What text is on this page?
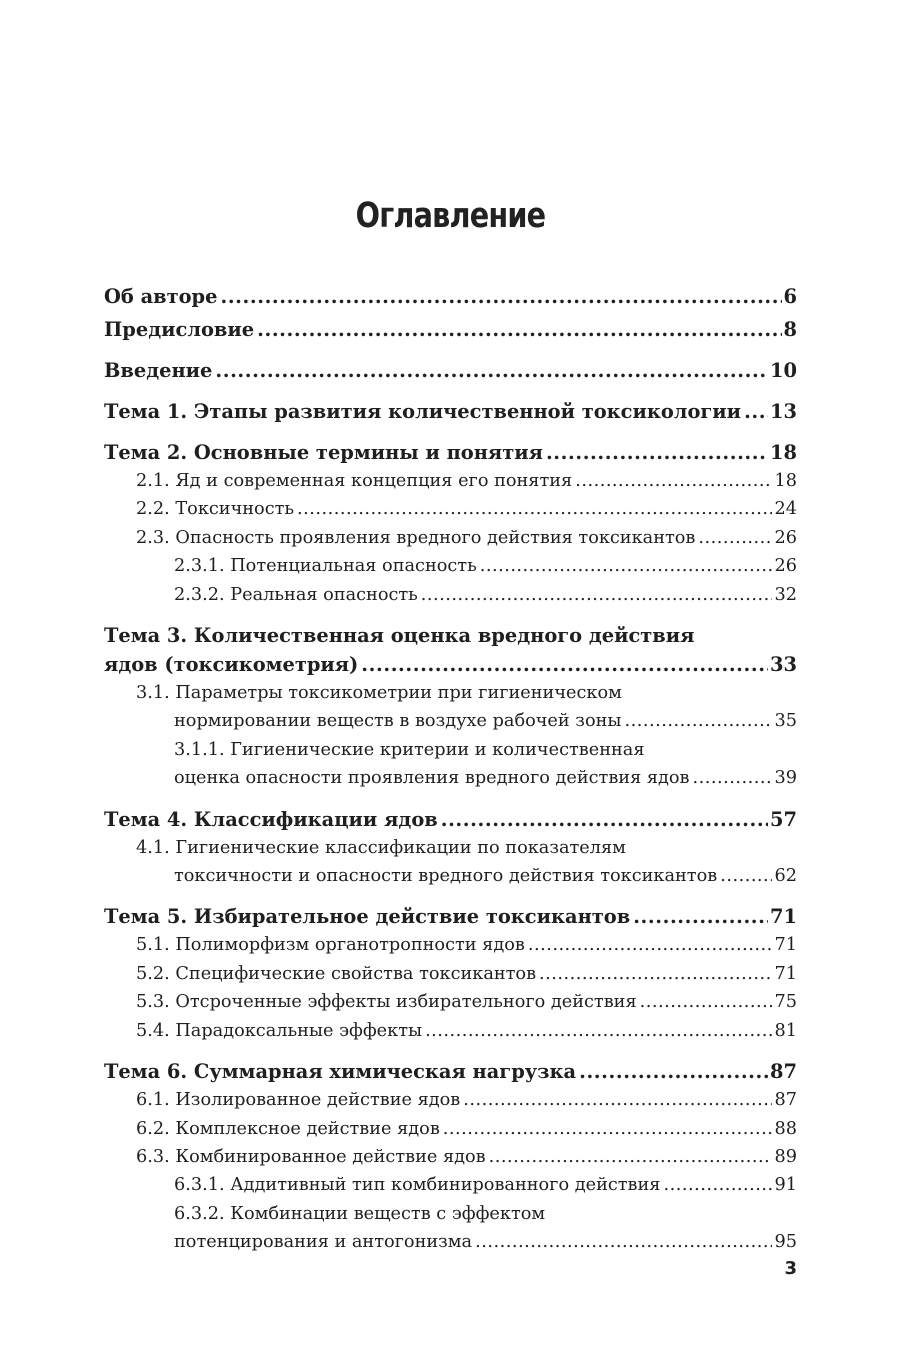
Оглавление
Об авторе .....	6
Предисловие .....	8
Введение .....	10
Тема 1. Этапы развития количественной токсикологии ..... 13
Тема 2. Основные термины и понятия .....	18
2.1. Яд и современная концепция его понятия .....	18
2.2. Токсичность .....	24
2.3. Опасность проявления вредного действия токсикантов .....	26
2.3.1. Потенциальная опасность .....	26
2.3.2. Реальная опасность .....	32
Тема 3. Количественная оценка вредного действия
ядов (токсикометрия) .....	33
3.1. Параметры токсикометрии при гигиеническом
нормировании веществ в воздухе рабочей зоны .....	35
3.1.1. Гигиенические критерии и количественная
оценка опасности проявления вредного действия ядов .....	39
Тема 4. Классификации ядов .....	57
4.1. Гигиенические классификации по показателям
токсичности и опасности вредного действия токсикантов .....	62
Тема 5. Избирательное действие токсикантов .....	71
5.1. Полиморфизм органотропности ядов .....	71
5.2. Специфические свойства токсикантов .....	71
5.3. Отсроченные эффекты избирательного действия .....	75
5.4. Парадоксальные эффекты .....	81
Тема 6. Суммарная химическая нагрузка .....	87
6.1. Изолированное действие ядов .....	87
6.2. Комплексное действие ядов .....	88
6.3. Комбинированное действие ядов .....	89
6.3.1. Аддитивный тип комбинированного действия .....	91
6.3.2. Комбинации веществ с эффектом
потенцирования и антогонизма .....	95
3
